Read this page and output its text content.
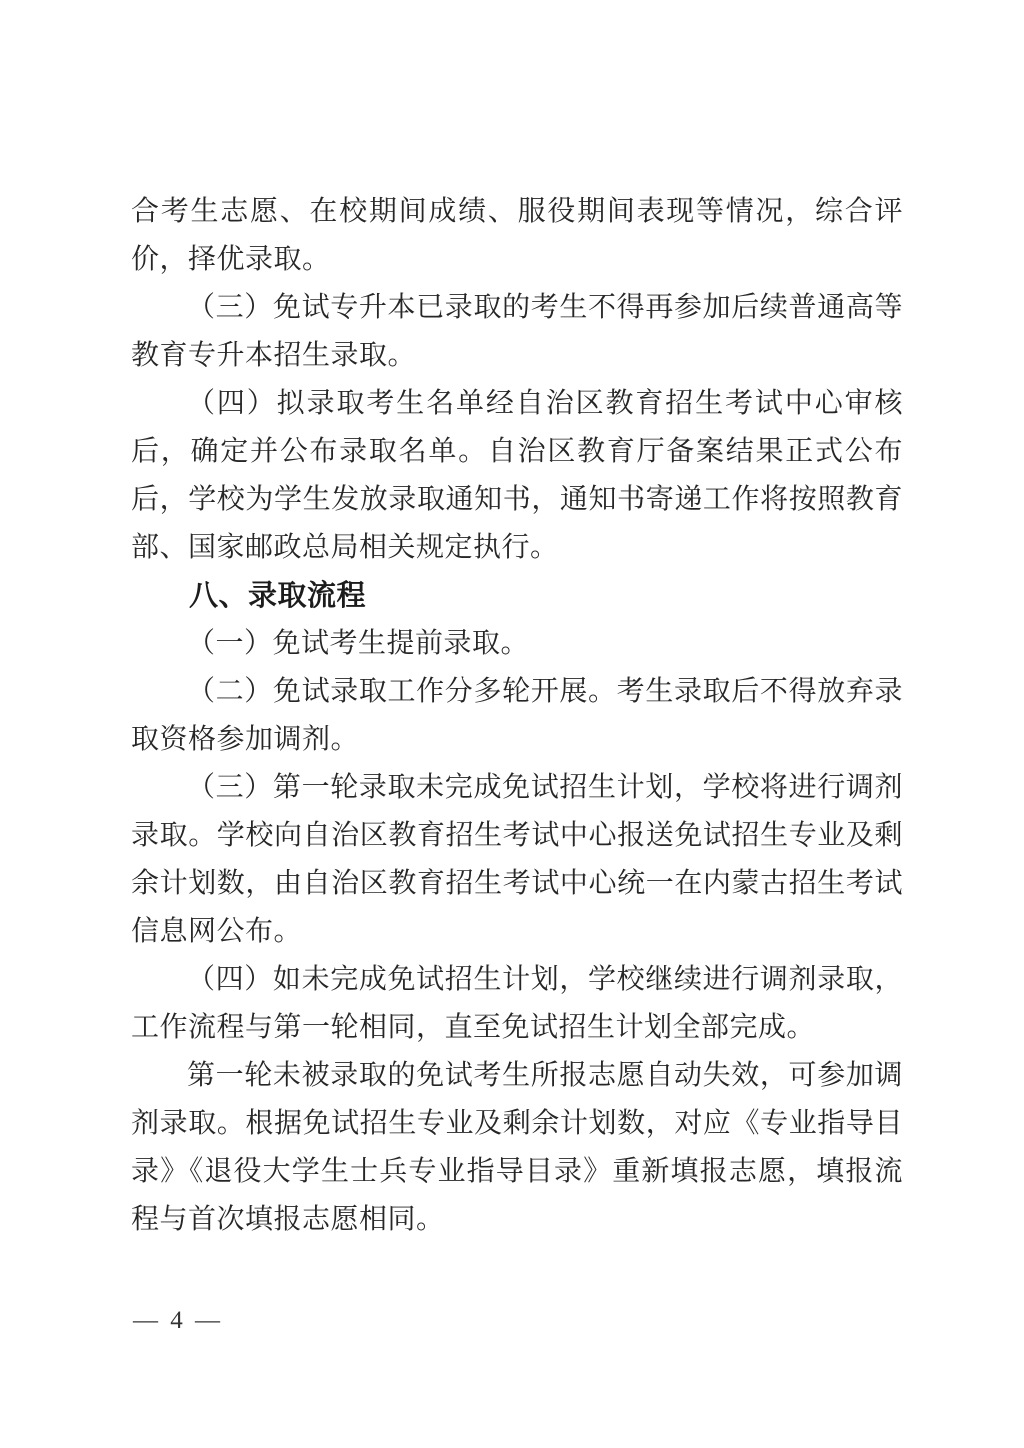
合考生志愿、在校期间成绩、服役期间表现等情况，综合评价，择优录取。

（三）免试专升本已录取的考生不得再参加后续普通高等教育专升本招生录取。

（四）拟录取考生名单经自治区教育招生考试中心审核后，确定并公布录取名单。自治区教育厅备案结果正式公布后，学校为学生发放录取通知书，通知书寄递工作将按照教育部、国家邮政总局相关规定执行。

八、录取流程

（一）免试考生提前录取。

（二）免试录取工作分多轮开展。考生录取后不得放弃录取资格参加调剂。

（三）第一轮录取未完成免试招生计划，学校将进行调剂录取。学校向自治区教育招生考试中心报送免试招生专业及剩余计划数，由自治区教育招生考试中心统一在内蒙古招生考试信息网公布。

（四）如未完成免试招生计划，学校继续进行调剂录取，工作流程与第一轮相同，直至免试招生计划全部完成。

第一轮未被录取的免试考生所报志愿自动失效，可参加调剂录取。根据免试招生专业及剩余计划数，对应《专业指导目录》《退役大学生士兵专业指导目录》重新填报志愿，填报流程与首次填报志愿相同。

— 4 —
